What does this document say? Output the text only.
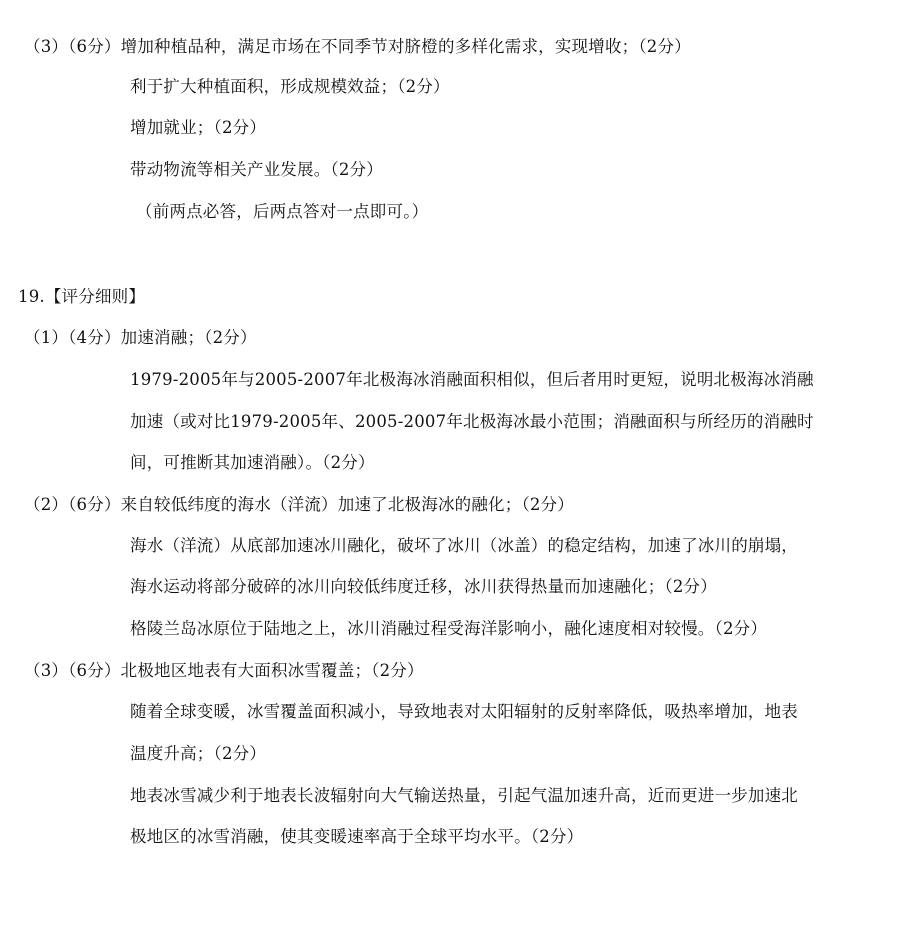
（3）（6分）增加种植品种，满足市场在不同季节对脐橙的多样化需求，实现增收；（2分）
利于扩大种植面积，形成规模效益；（2分）
增加就业；（2分）
带动物流等相关产业发展。（2分）
（前两点必答，后两点答对一点即可。）
19.【评分细则】
（1）（4分）加速消融；（2分）
1979-2005年与2005-2007年北极海冰消融面积相似，但后者用时更短，说明北极海冰消融
加速（或对比1979-2005年、2005-2007年北极海冰最小范围；消融面积与所经历的消融时
间，可推断其加速消融）。（2分）
（2）（6分）来自较低纬度的海水（洋流）加速了北极海冰的融化；（2分）
海水（洋流）从底部加速冰川融化，破坏了冰川（冰盖）的稳定结构，加速了冰川的崩塌，
海水运动将部分破碎的冰川向较低纬度迁移，冰川获得热量而加速融化；（2分）
格陵兰岛冰原位于陆地之上，冰川消融过程受海洋影响小，融化速度相对较慢。（2分）
（3）（6分）北极地区地表有大面积冰雪覆盖；（2分）
随着全球变暖，冰雪覆盖面积减小，导致地表对太阳辐射的反射率降低，吸热率增加，地表
温度升高；（2分）
地表冰雪减少利于地表长波辐射向大气输送热量，引起气温加速升高，近而更进一步加速北
极地区的冰雪消融，使其变暖速率高于全球平均水平。（2分）
